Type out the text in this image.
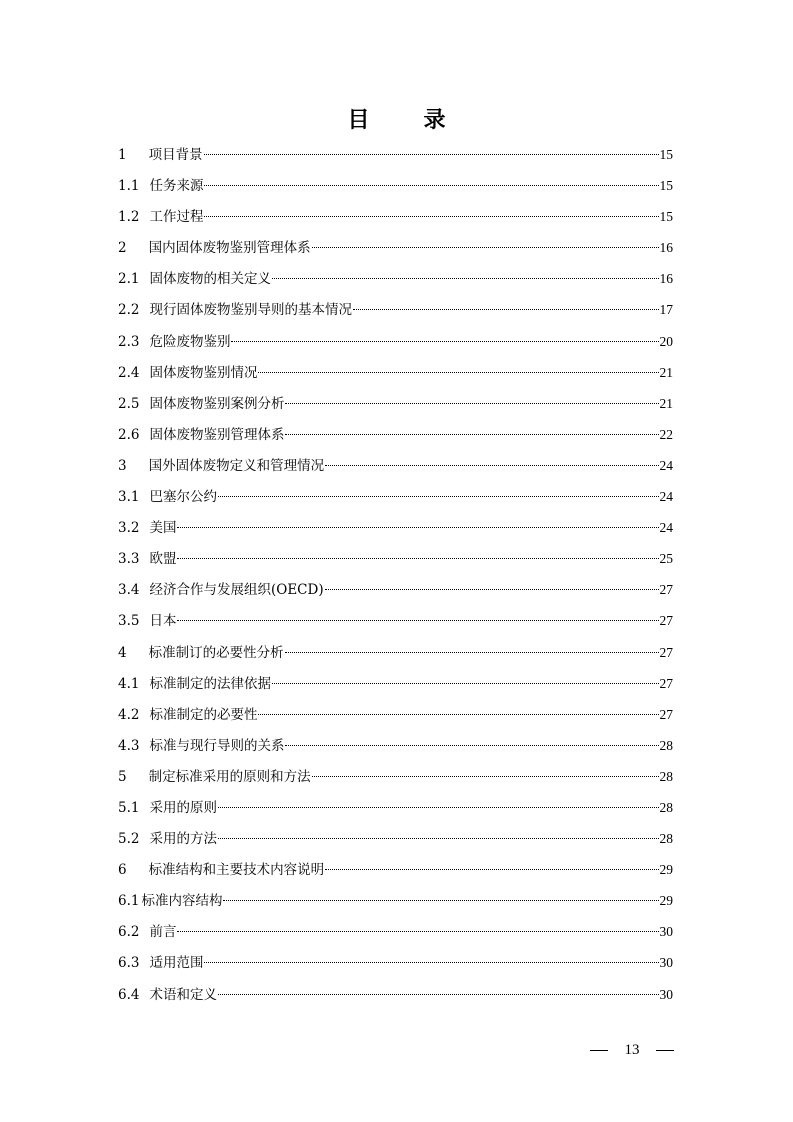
目　录
1 项目背景	15
1.1 任务来源	15
1.2 工作过程	15
2 国内固体废物鉴别管理体系	16
2.1 固体废物的相关定义	16
2.2 现行固体废物鉴别导则的基本情况	17
2.3 危险废物鉴别	20
2.4 固体废物鉴别情况	21
2.5 固体废物鉴别案例分析	21
2.6 固体废物鉴别管理体系	22
3 国外固体废物定义和管理情况	24
3.1 巴塞尔公约	24
3.2 美国	24
3.3 欧盟	25
3.4 经济合作与发展组织(OECD)	27
3.5 日本	27
4 标准制订的必要性分析	27
4.1 标准制定的法律依据	27
4.2 标准制定的必要性	27
4.3 标准与现行导则的关系	28
5 制定标准采用的原则和方法	28
5.1 采用的原则	28
5.2 采用的方法	28
6 标准结构和主要技术内容说明	29
6.1 标准内容结构	29
6.2 前言	30
6.3 适用范围	30
6.4 术语和定义	30
13
